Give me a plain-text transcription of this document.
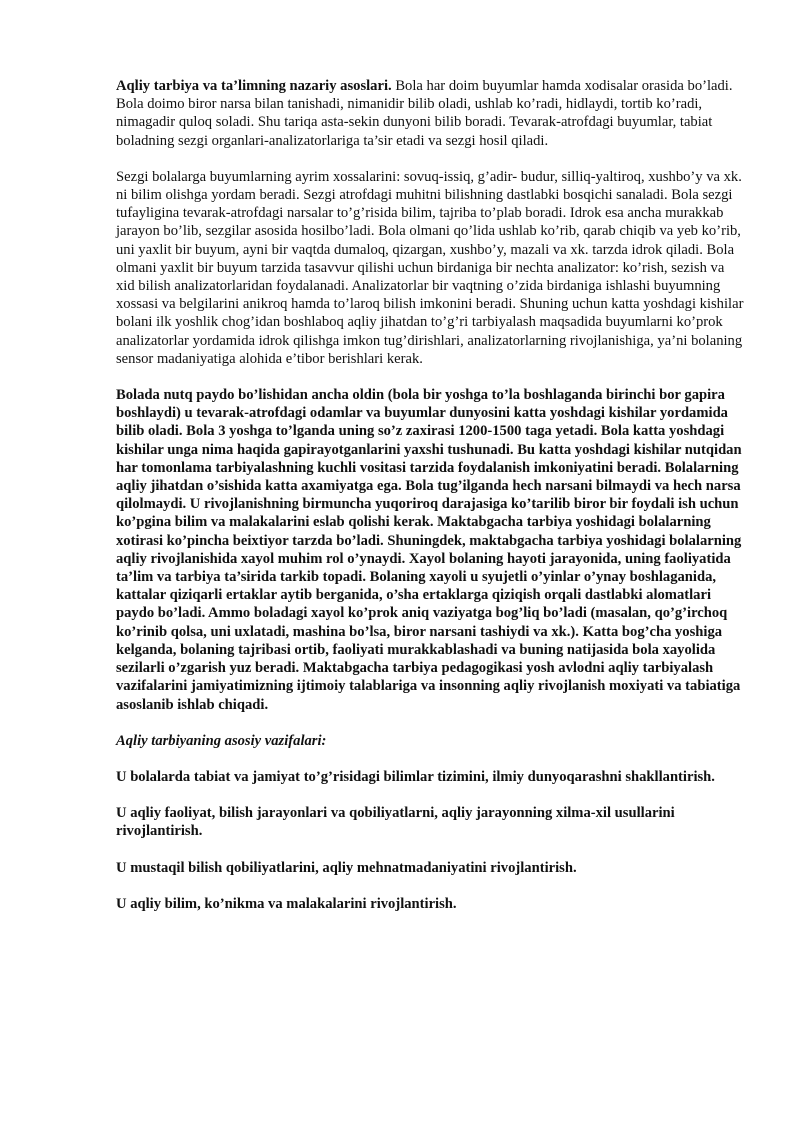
Aqliy tarbiya va ta’limning nazariy asoslari. Bola har doim buyumlar hamda xodisalar orasida bo’ladi. Bola doimo biror narsa bilan tanishadi, nimanidir bilib oladi, ushlab ko’radi, hidlaydi, tortib ko’radi, nimagadir quloq soladi. Shu tariqa asta-sekin dunyoni bilib boradi. Tevarak-atrofdagi buyumlar, tabiat boladning sezgi organlari-analizatorlariga ta’sir etadi va sezgi hosil qiladi.

Sezgi bolalarga buyumlarning ayrim xossalarini: sovuq-issiq, g’adir- budur, silliq-yaltiroq, xushbo’y va xk. ni bilim olishga yordam beradi. Sezgi atrofdagi muhitni bilishning dastlabki bosqichi sanaladi. Bola sezgi tufayligina tevarak-atrofdagi narsalar to’g’risida bilim, tajriba to’plab boradi. Idrok esa ancha murakkab jarayon bo’lib, sezgilar asosida hosilbo’ladi. Bola olmani qo’lida ushlab ko’rib, qarab chiqib va yeb ko’rib, uni yaxlit bir buyum, ayni bir vaqtda dumaloq, qizargan, xushbo’y, mazali va xk. tarzda idrok qiladi. Bola olmani yaxlit bir buyum tarzida tasavvur qilishi uchun birdaniga bir nechta analizator: ko’rish, sezish va xid bilish analizatorlaridan foydalanadi. Analizatorlar bir vaqtning o’zida birdaniga ishlashi buyumning xossasi va belgilarini anikroq hamda to’laroq bilish imkonini beradi. Shuning uchun katta yoshdagi kishilar bolani ilk yoshlik chog’idan boshlaboq aqliy jihatdan to’g’ri tarbiyalash maqsadida buyumlarni ko’prok analizatorlar yordamida idrok qilishga imkon tug’dirishlari, analizatorlarning rivojlanishiga, ya’ni bolaning sensor madaniyatiga alohida e’tibor berishlari kerak.

Bolada nutq paydo bo’lishidan ancha oldin (bola bir yoshga to’la boshlaganda birinchi bor gapira boshlaydi) u tevarak-atrofdagi odamlar va buyumlar dunyosini katta yoshdagi kishilar yordamida bilib oladi. Bola 3 yoshga to’lganda uning so’z zaxirasi 1200-1500 taga yetadi. Bola katta yoshdagi kishilar unga nima haqida gapirayotganlarini yaxshi tushunadi. Bu katta yoshdagi kishilar nutqidan har tomonlama tarbiyalashning kuchli vositasi tarzida foydalanish imkoniyatini beradi. Bolalarning aqliy jihatdan o’sishida katta axamiyatga ega. Bola tug’ilganda hech narsani bilmaydi va hech narsa qilolmaydi. U rivojlanishning birmuncha yuqoriroq darajasiga ko’tarilib biror bir foydali ish uchun ko’pgina bilim va malakalarini eslab qolishi kerak. Maktabgacha tarbiya yoshidagi bolalarning xotirasi ko’pincha beixtiyor tarzda bo’ladi. Shuningdek, maktabgacha tarbiya yoshidagi bolalarning aqliy rivojlanishida xayol muhim rol o’ynaydi. Xayol bolaning hayoti jarayonida, uning faoliyatida ta’lim va tarbiya ta’sirida tarkib topadi. Bolaning xayoli u syujetli o’yinlar o’ynay boshlaganida, kattalar qiziqarli ertaklar aytib berganida, o’sha ertaklarga qiziqish orqali dastlabki alomatlari paydo bo’ladi. Ammo boladagi xayol ko’prok aniq vaziyatga bog’liq bo’ladi (masalan, qo’g’irchoq ko’rinib qolsa, uni uxlatadi, mashina bo’lsa, biror narsani tashiydi va xk.). Katta bog’cha yoshiga kelganda, bolaning tajribasi ortib, faoliyati murakkablashadi va buning natijasida bola xayolida sezilarli o’zgarish yuz beradi. Maktabgacha tarbiya pedagogikasi yosh avlodni aqliy tarbiyalash vazifalarini jamiyatimizning ijtimoiy talablariga va insonning aqliy rivojlanish moxiyati va tabiatiga asoslanib ishlab chiqadi.

Aqliy tarbiyaning asosiy vazifalari:

U bolalarda tabiat va jamiyat to’g’risidagi bilimlar tizimini, ilmiy dunyoqarashni shakllantirish.

U aqliy faoliyat, bilish jarayonlari va qobiliyatlarni, aqliy jarayonning xilma-xil usullarini rivojlantirish.

U mustaqil bilish qobiliyatlarini, aqliy mehnatmadaniyatini rivojlantirish.

U aqliy bilim, ko’nikma va malakalarini rivojlantirish.
